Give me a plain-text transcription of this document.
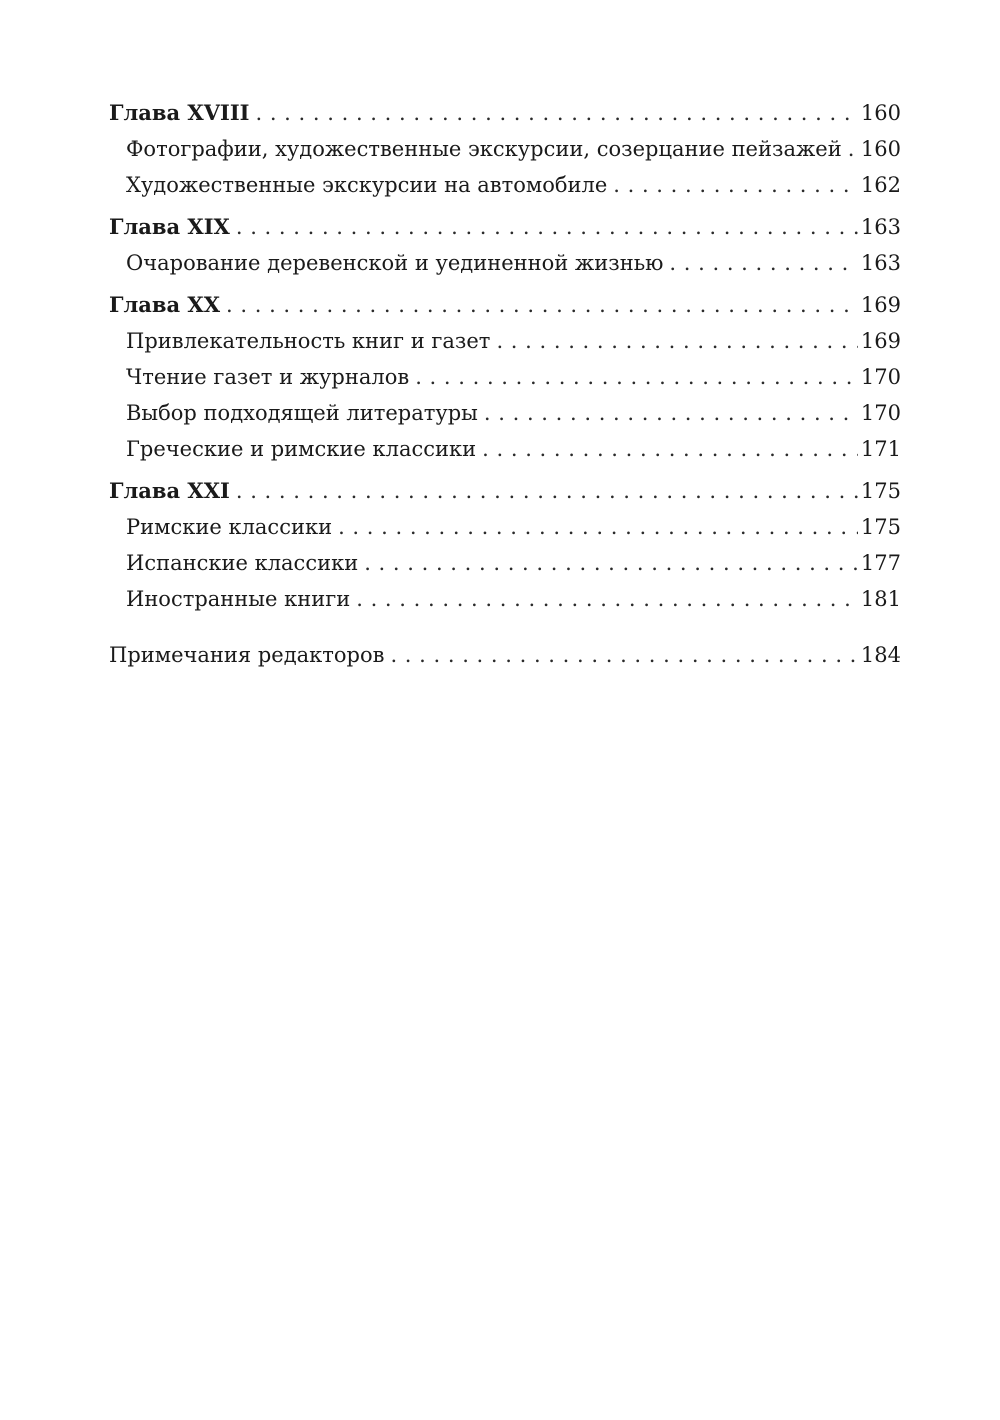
Глава XVIII . . .	160
Фотографии, художественные экскурсии, созерцание пейзажей . . . 160
Художественные экскурсии на автомобиле . . .	162
Глава XIX . . .	163
Очарование деревенской и уединенной жизнью . . .	163
Глава XX . . .	169
Привлекательность книг и газет . . .	169
Чтение газет и журналов . . .	170
Выбор подходящей литературы . . .	170
Греческие и римские классики . . .	171
Глава XXI . . .	175
Римские классики . . .	175
Испанские классики . . .	177
Иностранные книги . . .	181
Примечания редакторов . . .	184
